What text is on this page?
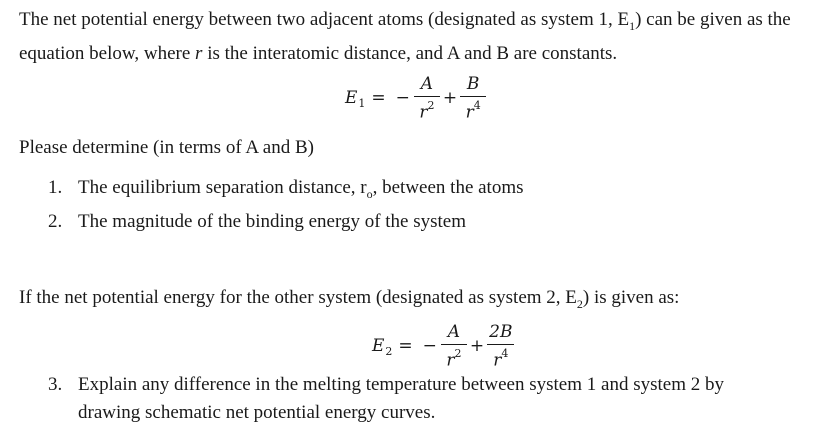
The net potential energy between two adjacent atoms (designated as system 1, $E_1$) can be given as the equation below, where r is the interatomic distance, and A and B are constants.

E 1 = − $\frac{A}{r^2} + \frac{B}{r^4}$

Please determine (in terms of A and B)

1. The equilibrium separation distance, $r_o$, between the atoms
2. The magnitude of the binding energy of the system

If the net potential energy for the other system (designated as system 2, $E_2$) is given as:

E 2 = − $\frac{A}{r^2} + \frac{2B}{r^4}$
3. Explain any difference in the melting temperature between system 1 and system 2 by drawing schematic net potential energy curves.
